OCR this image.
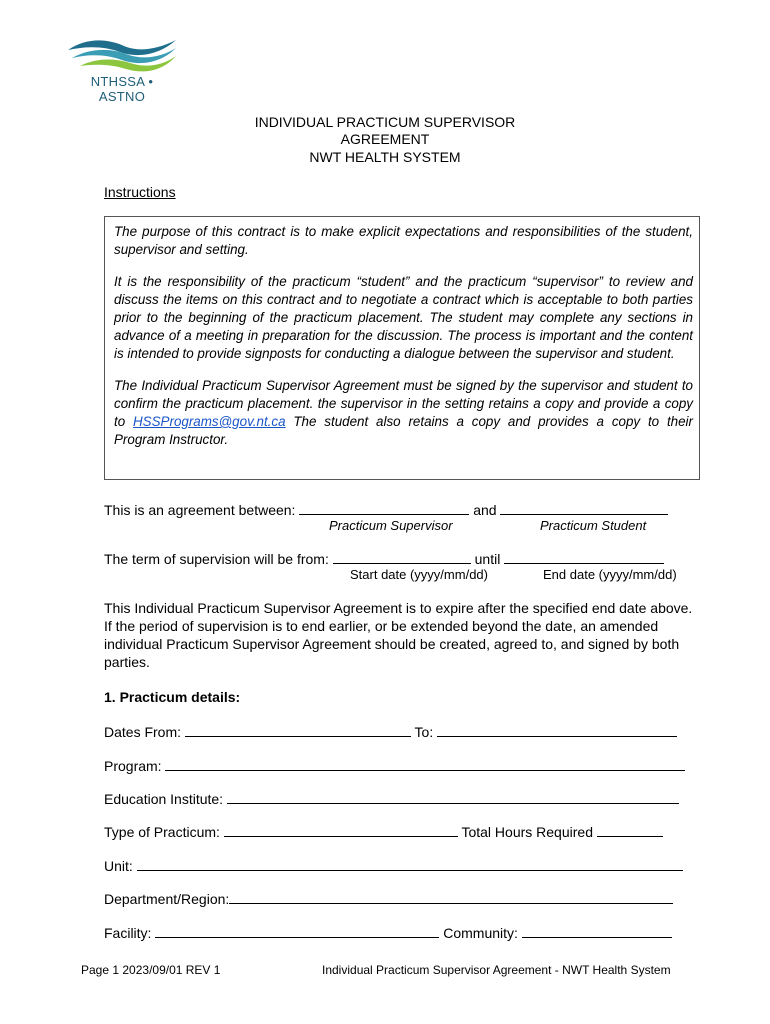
NTHSSA • ASTNO
INDIVIDUAL PRACTICUM SUPERVISOR
AGREEMENT
NWT HEALTH SYSTEM
Instructions

The purpose of this contract is to make explicit expectations and responsibilities of the student, supervisor and setting.

It is the responsibility of the practicum “student” and the practicum “supervisor” to review and discuss the items on this contract and to negotiate a contract which is acceptable to both parties prior to the beginning of the practicum placement. The student may complete any sections in advance of a meeting in preparation for the discussion. The process is important and the content is intended to provide signposts for conducting a dialogue between the supervisor and student.

The Individual Practicum Supervisor Agreement must be signed by the supervisor and student to confirm the practicum placement. the supervisor in the setting retains a copy and provide a copy to HSSPrograms@gov.nt.ca The student also retains a copy and provides a copy to their Program Instructor.

This is an agreement between:	and
Practicum Supervisor	Practicum Student
The term of supervision will be from:	until
Start date (yyyy/mm/dd)	End date (yyyy/mm/dd)
This Individual Practicum Supervisor Agreement is to expire after the specified end date above. If the period of supervision is to end earlier, or be extended beyond the date, an amended individual Practicum Supervisor Agreement should be created, agreed to, and signed by both parties.
1. Practicum details:
Dates From:	To:
Program:
Education Institute:
Type of Practicum:	Total Hours Required
Unit:
Department/Region:
Facility:	Community:
Page 1 2023/09/01 REV 1	Individual Practicum Supervisor Agreement - NWT Health System
